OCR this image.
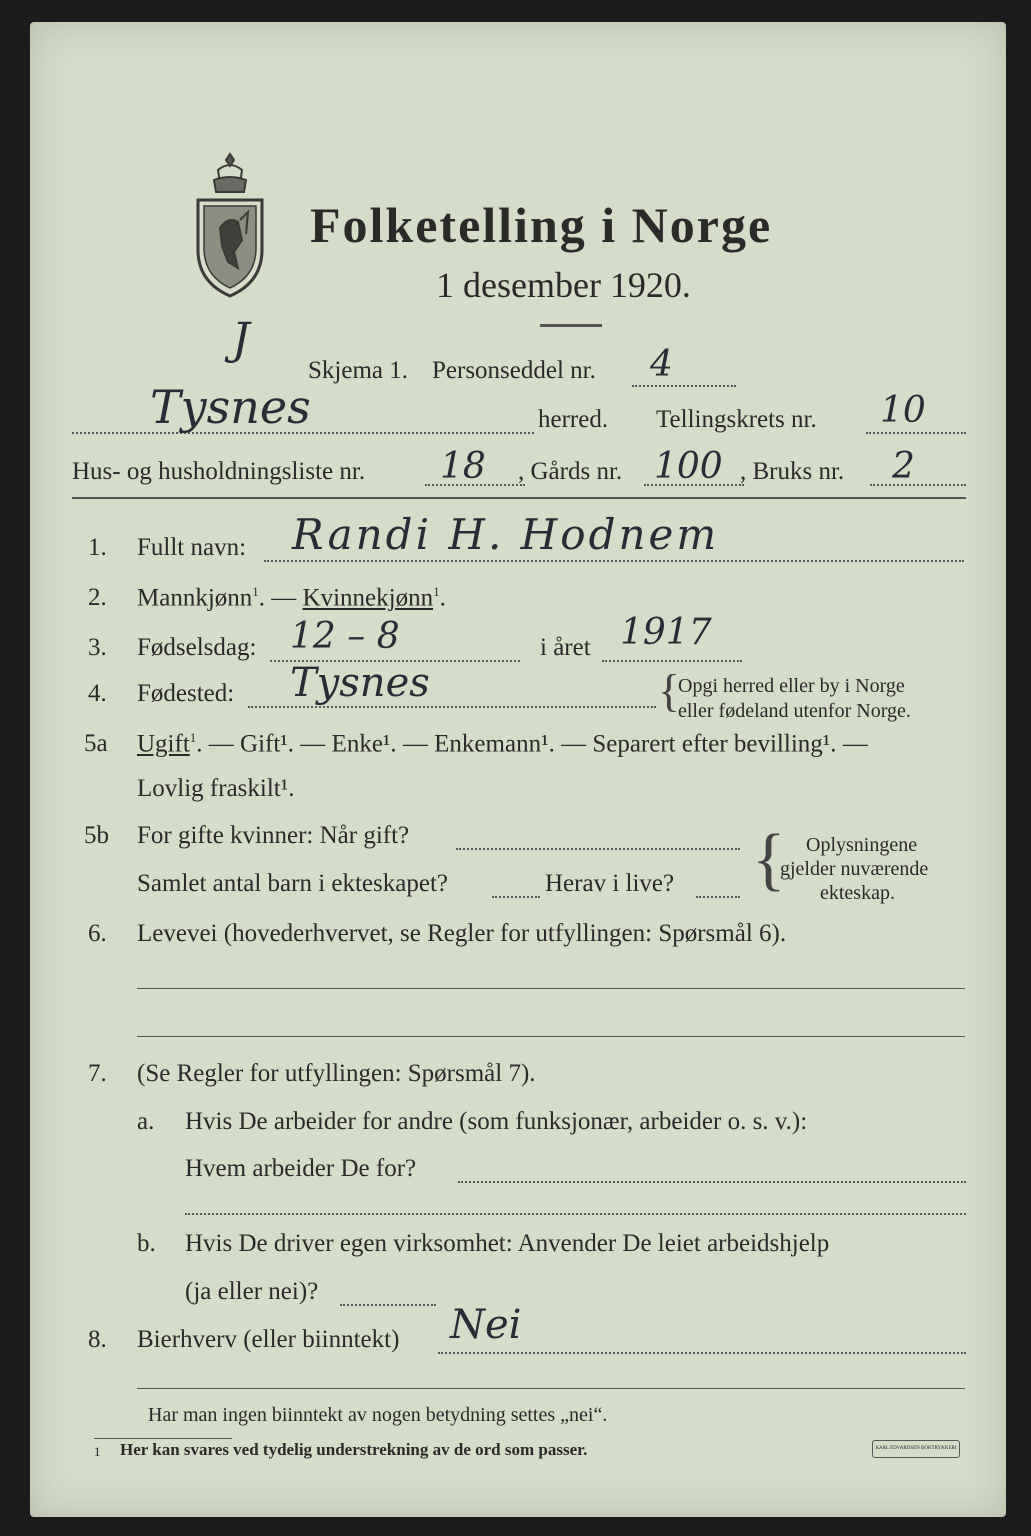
Folketelling i Norge
1 desember 1920.
J
Skjema 1. Personseddel nr. 4
Tysnes	herred. Tellingskrets nr. 10
Hus- og husholdningsliste nr. 18 , Gårds nr. 100 , Bruks nr. 2
1. Fullt navn: Randi H. Hodnem
2. Mannkjønn$^1$. — Kvinnekjønn$^1$.
3. Fødselsdag: 12 – 8	i året 1917
4. Fødested: Tysnes	{
Opgi herred eller by i Norge
eller fødeland utenfor Norge.
5a Ugift$^1$. — Gift¹. — Enke¹. — Enkemann¹. — Separert efter bevilling¹. —
Lovlig fraskilt¹.
5b For gifte kvinner: Når gift?
Samlet antal barn i ekteskapet?	Herav i live? { Oplysningene
gjelder nuværende
ekteskap.
6. Levevei (hovederhvervet, se Regler for utfyllingen: Spørsmål 6).
7. (Se Regler for utfyllingen: Spørsmål 7).
a. Hvis De arbeider for andre (som funksjonær, arbeider o. s. v.):
Hvem arbeider De for?
b. Hvis De driver egen virksomhet: Anvender De leiet arbeidshjelp
(ja eller nei)?
8. Bierhverv (eller biinntekt) Nei
Har man ingen biinntekt av nogen betydning settes „nei“.
1 Her kan svares ved tydelig understrekning av de ord som passer.	KARL EDVARDSEN BOKTRYKKERI
